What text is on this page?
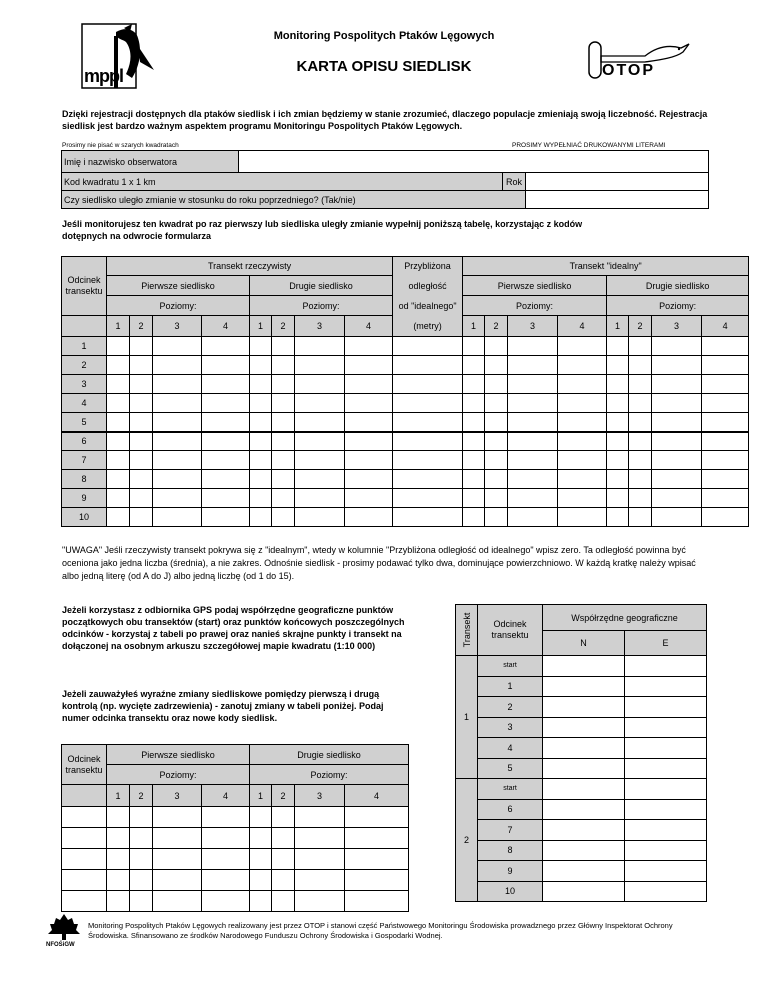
Monitoring Pospolitych Ptaków Lęgowych
KARTA OPISU SIEDLISK
mppl	OTOP
Dzięki rejestracji dostępnych dla ptaków siedlisk i ich zmian będziemy w stanie zrozumieć, dlaczego populacje zmieniają swoją liczebność. Rejestracja siedlisk jest bardzo ważnym aspektem programu Monitoringu Pospolitych Ptaków Lęgowych.
Prosimy nie pisać w szarych kwadratach	PROSIMY WYPEŁNIAĆ DRUKOWANYMI LITERAMI
Imię i nazwisko obserwatora			
Kod kwadratu 1 x 1 km		Rok	
Czy siedlisko uległo zmianie w stosunku do roku poprzedniego? (Tak/nie)			
Jeśli monitorujesz ten kwadrat po raz pierwszy lub siedliska uległy zmianie wypełnij poniższą tabelę, korzystając z kodów dotępnych na odwrocie formularza
Odcinek transektu	Transekt rzeczywisty								Przybliżona	Transekt "idealny"							
	Pierwsze siedlisko				Drugie siedlisko				odległość	Pierwsze siedlisko				Drugie siedlisko			
	Poziomy:				Poziomy:				od "idealnego"	Poziomy:				Poziomy:			
	1	2	3	4	1	2	3	4	(metry)	1	2	3	4	1	2	3	4
1																	
2																	
3																	
4																	
5																	
6																	
7																	
8																	
9																	
10																	
"UWAGA" Jeśli rzeczywisty transekt pokrywa się z "idealnym", wtedy w kolumnie "Przybliżona odległość od idealnego" wpisz zero. Ta odległość powinna być oceniona jako jedna liczba (średnia), a nie zakres. Odnośnie siedlisk - prosimy podawać tylko dwa, dominujące powierzchniowo. W każdą kratkę należy wpisać albo jedną literę (od A do J) albo jedną liczbę (od 1 do 15).
Jeżeli korzystasz z odbiornika GPS podaj współrzędne geograficzne punktów początkowych obu transektów (start) oraz punktów końcowych poszczególnych odcinków - korzystaj z tabeli po prawej oraz nanieś skrajne punkty i transekt na dołączonej na osobnym arkuszu szczegółowej mapie kwadratu (1:10 000)
Jeżeli zauważyłeś wyraźne zmiany siedliskowe pomiędzy pierwszą i drugą kontrolą (np. wycięte zadrzewienia) - zanotuj zmiany w tabeli poniżej. Podaj numer odcinka transektu oraz nowe kody siedlisk.
Transekt	Odcinek transektu	Współrzędne geograficzne	
		N	E
1	start		
	1		
	2		
	3		
	4		
	5		
2	start		
	6		
	7		
	8		
	9		
	10		
Odcinek transektu	Pierwsze siedlisko				Drugie siedlisko			
	Poziomy:				Poziomy:			
	1	2	3	4	1	2	3	4

NFOŚiGW
Monitoring Pospolitych Ptaków Lęgowych realizowany jest przez OTOP i stanowi część Państwowego Monitoringu Środowiska prowadznego przez Główny Inspektorat Ochrony Środowiska. Sfinansowano ze środków Narodowego Funduszu Ochrony Środowiska i Gospodarki Wodnej.
